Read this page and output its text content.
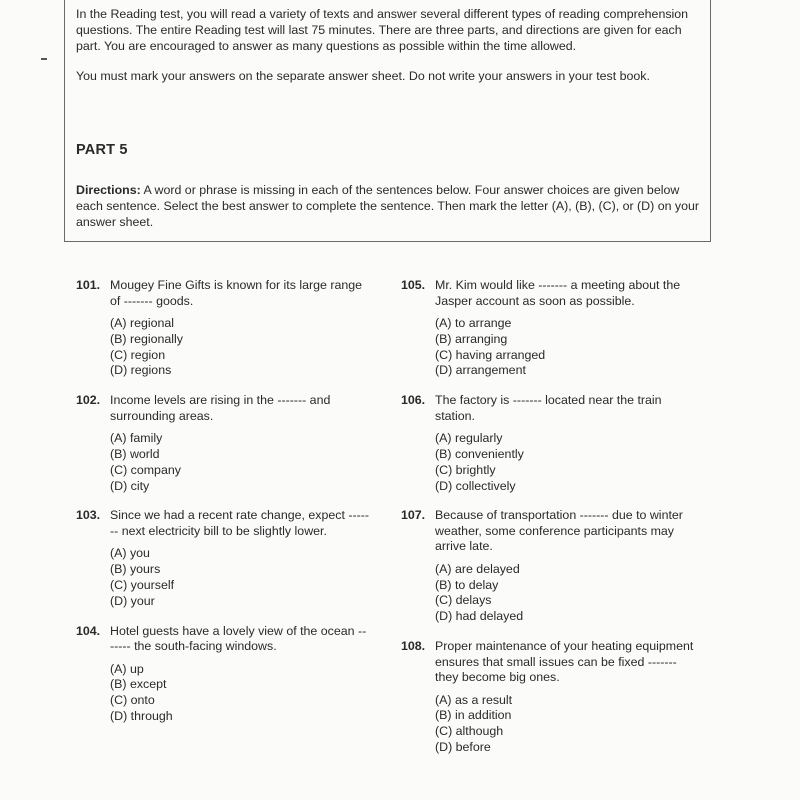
In the Reading test, you will read a variety of texts and answer several different types of reading comprehension questions. The entire Reading test will last 75 minutes. There are three parts, and directions are given for each part. You are encouraged to answer as many questions as possible within the time allowed.

You must mark your answers on the separate answer sheet. Do not write your answers in your test book.

PART 5
Directions: A word or phrase is missing in each of the sentences below. Four answer choices are given below each sentence. Select the best answer to complete the sentence. Then mark the letter (A), (B), (C), or (D) on your answer sheet.
101. Mougey Fine Gifts is known for its large range of ------- goods.
(A) regional
(B) regionally
(C) region
(D) regions
102. Income levels are rising in the ------- and surrounding areas.
(A) family
(B) world
(C) company
(D) city
103. Since we had a recent rate change, expect ------- next electricity bill to be slightly lower.
(A) you
(B) yours
(C) yourself
(D) your
104. Hotel guests have a lovely view of the ocean ------- the south-facing windows.
(A) up
(B) except
(C) onto
(D) through
105. Mr. Kim would like ------- a meeting about the Jasper account as soon as possible.
(A) to arrange
(B) arranging
(C) having arranged
(D) arrangement
106. The factory is ------- located near the train station.
(A) regularly
(B) conveniently
(C) brightly
(D) collectively
107. Because of transportation ------- due to winter weather, some conference participants may arrive late.
(A) are delayed
(B) to delay
(C) delays
(D) had delayed
108. Proper maintenance of your heating equipment ensures that small issues can be fixed ------- they become big ones.
(A) as a result
(B) in addition
(C) although
(D) before
